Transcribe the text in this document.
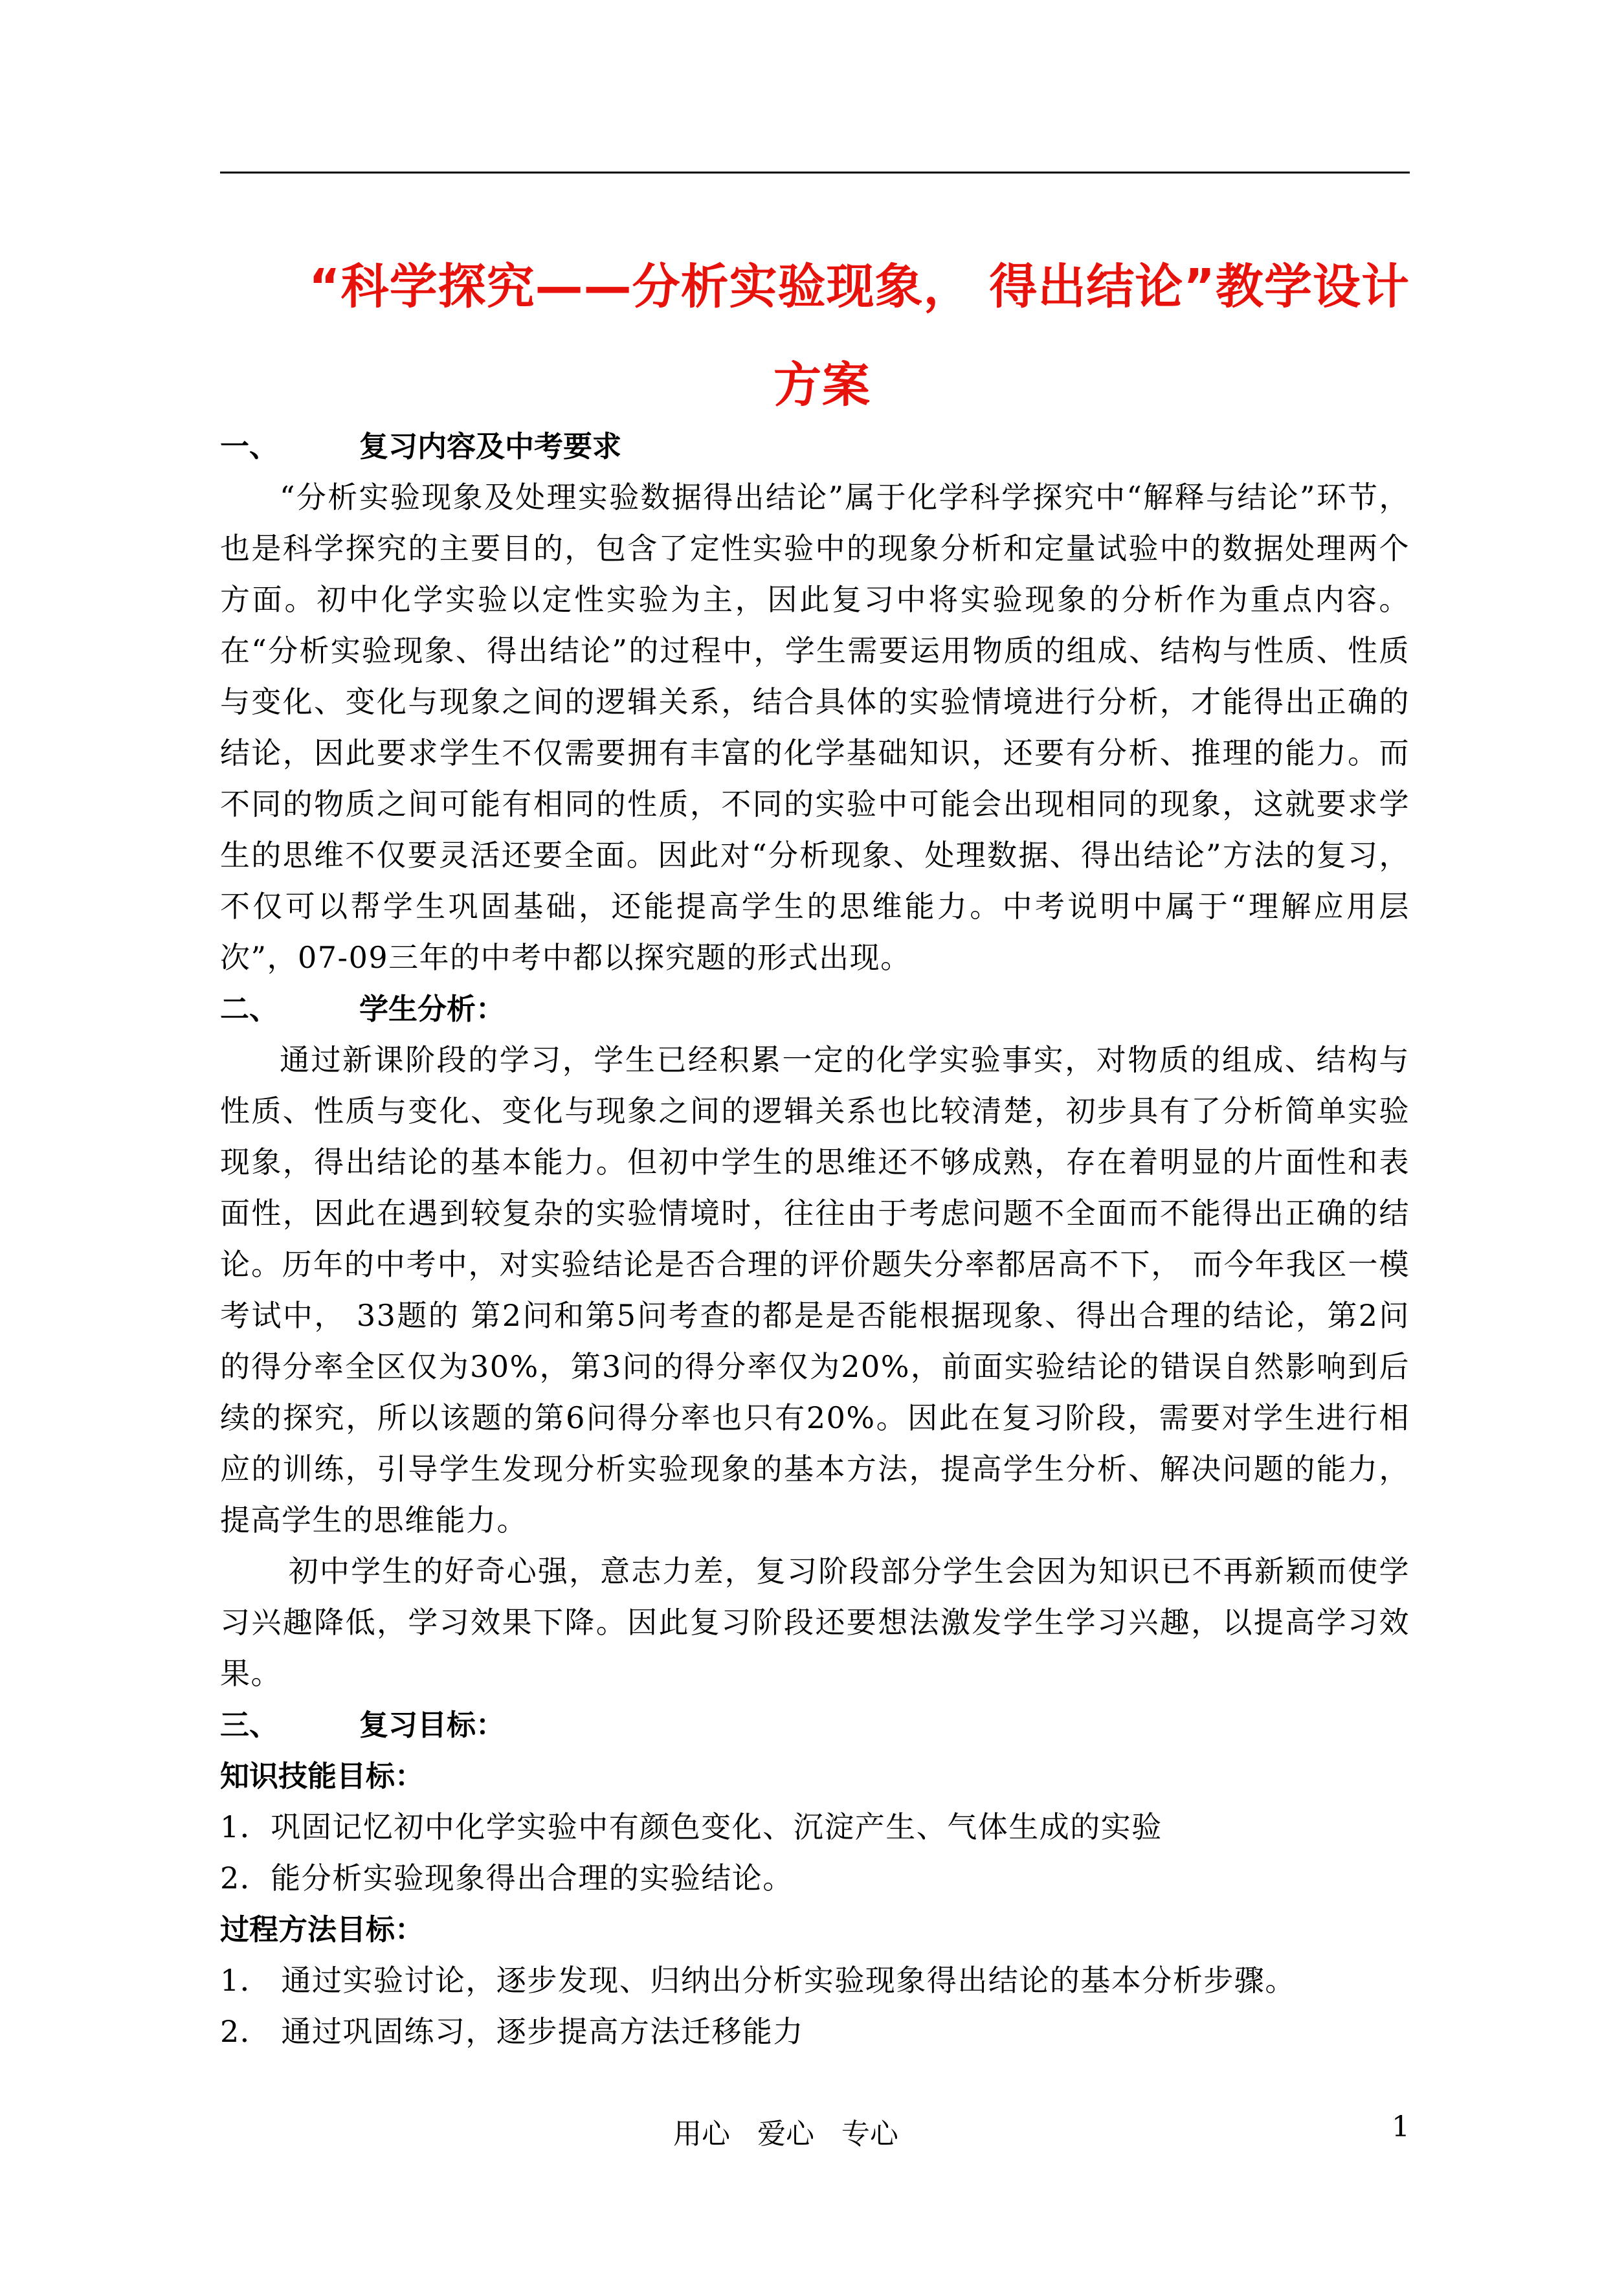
“科学探究——分析实验现象， 得出结论”教学设计
方案
一、	复习内容及中考要求
“分析实验现象及处理实验数据得出结论”属于化学科学探究中“解释与结论”环节，也是科学探究的主要目的，包含了定性实验中的现象分析和定量试验中的数据处理两个方面。初中化学实验以定性实验为主，因此复习中将实验现象的分析作为重点内容。在“分析实验现象、得出结论”的过程中，学生需要运用物质的组成、结构与性质、性质与变化、变化与现象之间的逻辑关系，结合具体的实验情境进行分析，才能得出正确的结论，因此要求学生不仅需要拥有丰富的化学基础知识，还要有分析、推理的能力。而不同的物质之间可能有相同的性质，不同的实验中可能会出现相同的现象，这就要求学生的思维不仅要灵活还要全面。因此对“分析现象、处理数据、得出结论”方法的复习，不仅可以帮学生巩固基础，还能提高学生的思维能力。中考说明中属于“理解应用层次”，07-09三年的中考中都以探究题的形式出现。
二、	学生分析：
通过新课阶段的学习，学生已经积累一定的化学实验事实，对物质的组成、结构与性质、性质与变化、变化与现象之间的逻辑关系也比较清楚，初步具有了分析简单实验现象，得出结论的基本能力。但初中学生的思维还不够成熟，存在着明显的片面性和表面性，因此在遇到较复杂的实验情境时，往往由于考虑问题不全面而不能得出正确的结论。历年的中考中，对实验结论是否合理的评价题失分率都居高不下， 而今年我区一模考试中， 33题的 第2问和第5问考查的都是是否能根据现象、得出合理的结论，第2问的得分率全区仅为30%，第3问的得分率仅为20%，前面实验结论的错误自然影响到后续的探究，所以该题的第6问得分率也只有20%。因此在复习阶段，需要对学生进行相应的训练，引导学生发现分析实验现象的基本方法，提高学生分析、解决问题的能力，提高学生的思维能力。
初中学生的好奇心强，意志力差，复习阶段部分学生会因为知识已不再新颖而使学习兴趣降低，学习效果下降。因此复习阶段还要想法激发学生学习兴趣，以提高学习效果。
三、	复习目标：
知识技能目标：
1．巩固记忆初中化学实验中有颜色变化、沉淀产生、气体生成的实验
2．能分析实验现象得出合理的实验结论。
过程方法目标：
1． 通过实验讨论，逐步发现、归纳出分析实验现象得出结论的基本分析步骤。
2． 通过巩固练习，逐步提高方法迁移能力
用心   爱心   专心	1
